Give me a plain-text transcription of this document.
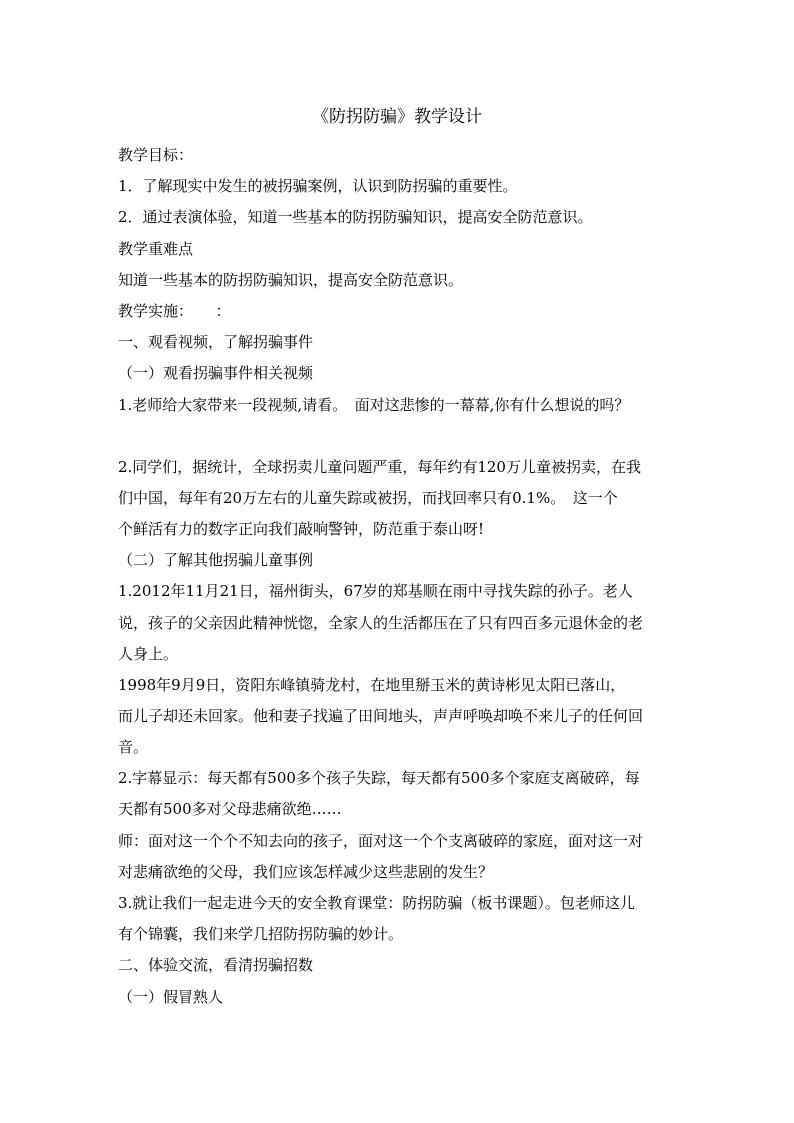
《防拐防骗》教学设计
教学目标：
1．了解现实中发生的被拐骗案例，认识到防拐骗的重要性。
2．通过表演体验，知道一些基本的防拐防骗知识，提高安全防范意识。
教学重难点
知道一些基本的防拐防骗知识，提高安全防范意识。
教学实施：　　：
一、观看视频，了解拐骗事件
（一）观看拐骗事件相关视频
1.老师给大家带来一段视频,请看。　面对这悲惨的一幕幕,你有什么想说的吗？
2.同学们，据统计，全球拐卖儿童问题严重，每年约有120万儿童被拐卖，在我
们中国，每年有20万左右的儿童失踪或被拐，而找回率只有0.1%。　这一个
个鲜活有力的数字正向我们敲响警钟，防范重于泰山呀!
（二）了解其他拐骗儿童事例
1.2012年11月21日，福州街头，67岁的郑基顺在雨中寻找失踪的孙子。老人
说，孩子的父亲因此精神恍惚，全家人的生活都压在了只有四百多元退休金的老
人身上。
1998年9月9日，资阳东峰镇骑龙村，在地里掰玉米的黄诗彬见太阳已落山，
而儿子却还未回家。他和妻子找遍了田间地头，声声呼唤却唤不来儿子的任何回
音。
2.字幕显示：每天都有500多个孩子失踪，每天都有500多个家庭支离破碎，每
天都有500多对父母悲痛欲绝……
师：面对这一个个不知去向的孩子，面对这一个个支离破碎的家庭，面对这一对
对悲痛欲绝的父母，我们应该怎样减少这些悲剧的发生？
3.就让我们一起走进今天的安全教育课堂：防拐防骗（板书课题）。包老师这儿
有个锦囊，我们来学几招防拐防骗的妙计。
二、体验交流，看清拐骗招数
（一）假冒熟人
